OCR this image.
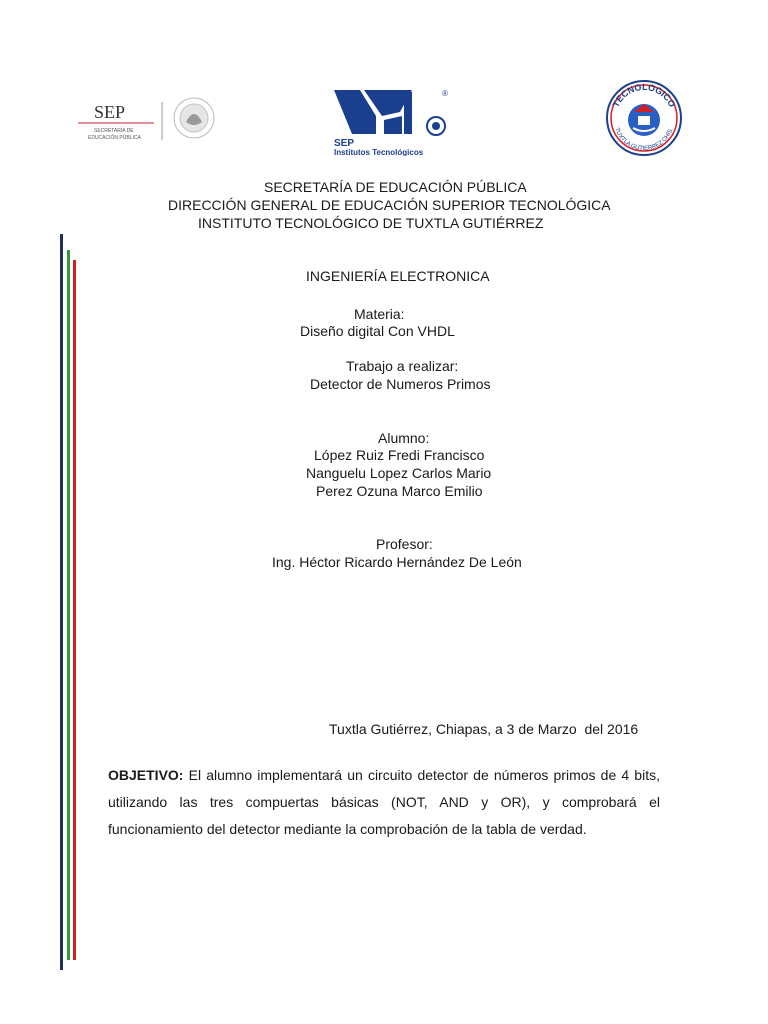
SEP
SECRETARÍA DE
EDUCACIÓN PÚBLICA
®
SEP
Institutos Tecnológicos
TECNOLOGICO
TUXTLA GUTIERREZ CHIS.
SECRETARÍA DE EDUCACIÓN PÚBLICA
DIRECCIÓN GENERAL DE EDUCACIÓN SUPERIOR TECNOLÓGICA
INSTITUTO TECNOLÓGICO DE TUXTLA GUTIÉRREZ
INGENIERÍA ELECTRONICA
Materia:
Diseño digital Con VHDL
Trabajo a realizar:
Detector de Numeros Primos
Alumno:
López Ruiz Fredi Francisco
Nanguelu Lopez Carlos Mario
Perez Ozuna Marco Emilio
Profesor:
Ing. Héctor Ricardo Hernández De León
Tuxtla Gutiérrez, Chiapas, a 3 de Marzo  del 2016
OBJETIVO: El alumno implementará un circuito detector de números primos de 4 bits, utilizando las tres compuertas básicas (NOT, AND y OR), y comprobará el funcionamiento del detector mediante la comprobación de la tabla de verdad.
